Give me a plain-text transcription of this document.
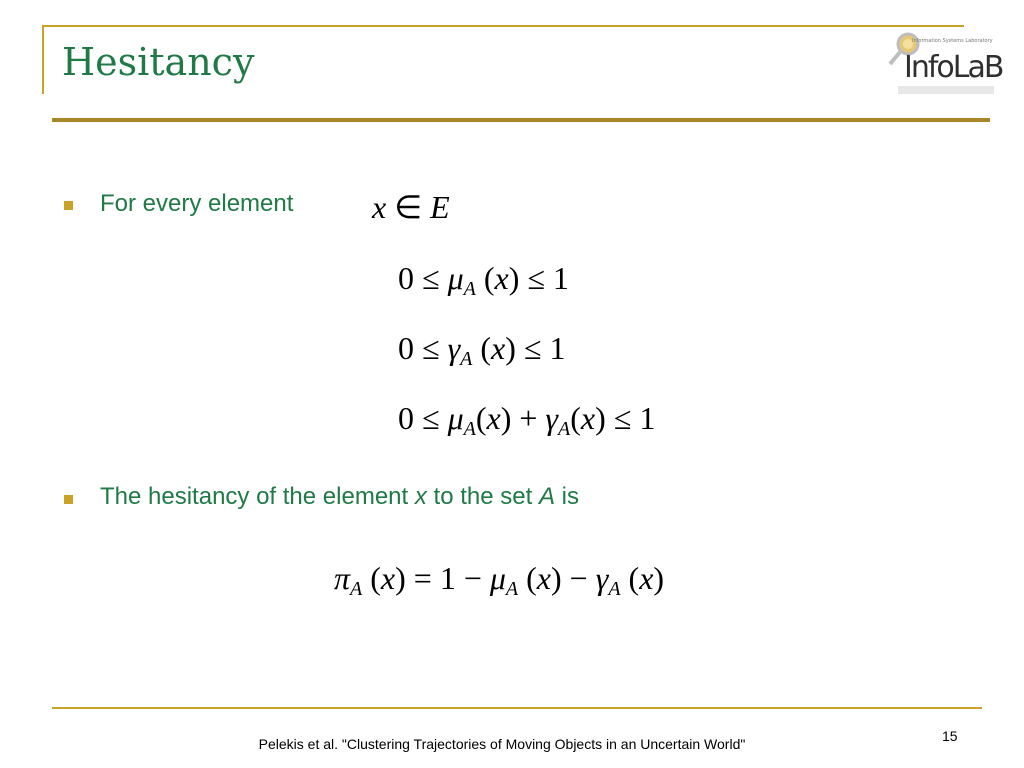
Hesitancy	Information Systems Laboratory
InfoLaB
For every element x ∈ E
$0 \le \mu_A$ (x) ≤ 1
$0 \le \gamma_A$ (x) ≤ 1
$0 \le \mu_A(x) + \gamma_A(x) \le 1$
The hesitancy of the element x to the set A is
$\pi_A$ $(x) = 1 - \mu_A$ $(x) - \gamma_A$ (x)
Pelekis et al. "Clustering Trajectories of Moving Objects in an Uncertain World"	15
